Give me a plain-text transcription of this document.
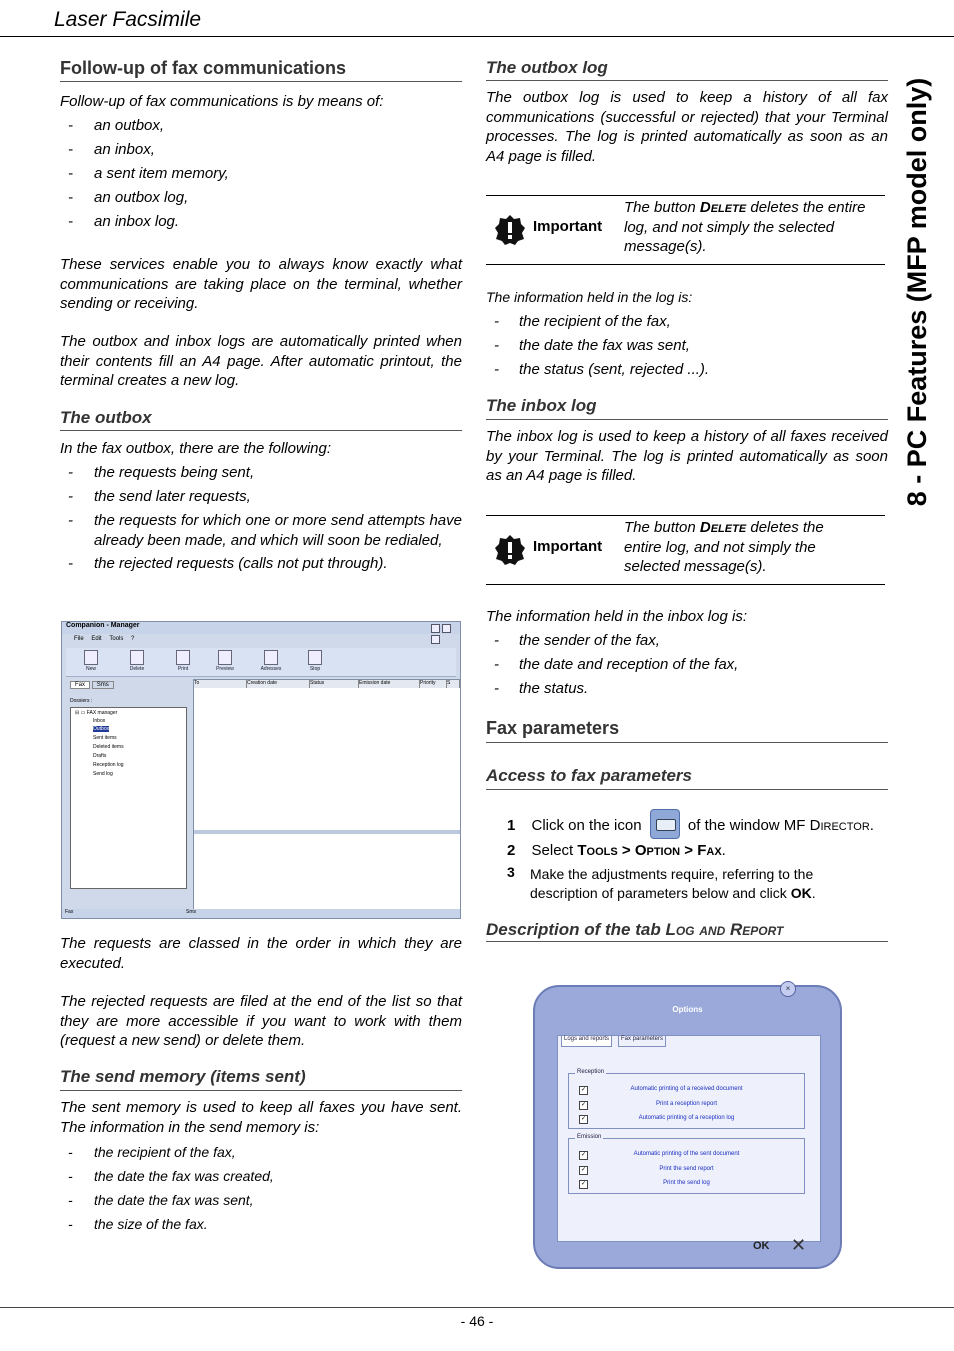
Laser Facsimile
8 - PC Features (MFP model only)
Follow-up of fax communications
Follow-up of fax communications is by means of:
- an outbox,
- an inbox,
- a sent item memory,
- an outbox log,
- an inbox log.
These services enable you to always know exactly what communications are taking place on the terminal, whether sending or receiving.
The outbox and inbox logs are automatically printed when their contents fill an A4 page. After automatic printout, the terminal creates a new log.
The outbox
In the fax outbox, there are the following:
- the requests being sent,
- the send later requests,
- the requests for which one or more send attempts have already been made, and which will soon be redialed,
- the rejected requests (calls not put through).
Companion - Manager

File Edit Tools ?
New	Delete	Print	Preview	Adresses	Stop
Fax Sms
Dossiers :
⊟ ▭ FAX manager
Inbox
Outbox
Sent items
Deleted items
Drafts
Reception log
Send log
To	Creation date	Status	Emission date	Priority	S
Fax	Sms
The requests are classed in the order in which they are executed.
The rejected requests are filed at the end of the list so that they are more accessible if you want to work with them (request a new send) or delete them.
The send memory (items sent)
The sent memory is used to keep all faxes you have sent. The information in the send memory is:
- the recipient of the fax,
- the date the fax was created,
- the date the fax was sent,
- the size of the fax.
The outbox log
The outbox log is used to keep a history of all fax communications (successful or rejected) that your Terminal processes. The log is printed automatically as soon as an A4 page is filled.
Important
The button Delete deletes the entire log, and not simply the selected message(s).
The information held in the log is:
- the recipient of the fax,
- the date the fax was sent,
- the status (sent, rejected ...).
The inbox log
The inbox log is used to keep a history of all faxes received by your Terminal. The log is printed automatically as soon as an A4 page is filled.
Important
The button Delete deletes the entire log, and not simply the selected message(s).
The information held in the inbox log is:
- the sender of the fax,
- the date and reception of the fax,
- the status.
Fax parameters
Access to fax parameters
1 Click on the icon	of the window MF Director.
2 Select Tools > Option > Fax.
3 Make the adjustments require, referring to the description of parameters below and click OK.
Description of the tab Log and Report
×
Options
Logs and reports	Fax parameters
Reception
✓	Automatic printing of a received document
✓	Print a reception report
✓	Automatic printing of a reception log
Emission
✓	Automatic printing of the sent document
✓	Print the send report
✓	Print the send log
OK ✕
- 46 -
